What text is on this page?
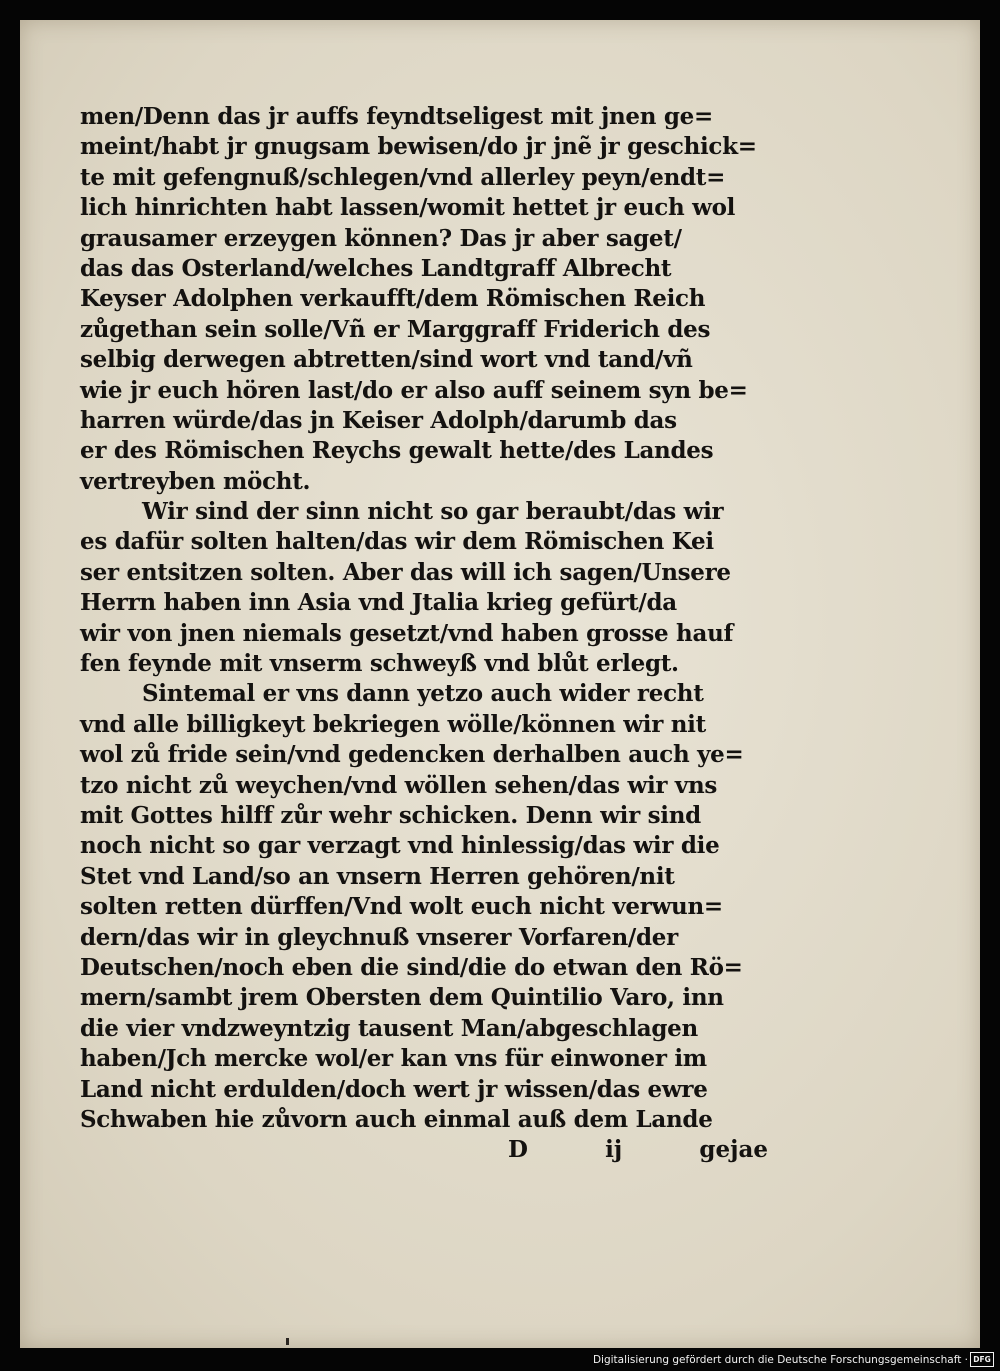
men/Denn das jr auffs feyndtseligest mit jnen ge=
meint/habt jr gnugsam bewisen/do jr jnẽ jr geschick=
te mit gefengnuß/schlegen/vnd allerley peyn/endt=
lich hinrichten habt lassen/womit hettet jr euch wol
grausamer erzeygen können? Das jr aber saget/
das das Osterland/welches Landtgraff Albrecht
Keyser Adolphen verkaufft/dem Römischen Reich
zůgethan sein solle/Vñ er Marggraff Friderich des
selbig derwegen abtretten/sind wort vnd tand/vñ
wie jr euch hören last/do er also auff seinem syn be=
harren würde/das jn Keiser Adolph/darumb das
er des Römischen Reychs gewalt hette/des Landes
vertreyben möcht.
Wir sind der sinn nicht so gar beraubt/das wir
es dafür solten halten/das wir dem Römischen Kei
ser entsitzen solten. Aber das will ich sagen/Unsere
Herrn haben inn Asia vnd Jtalia krieg gefürt/da
wir von jnen niemals gesetzt/vnd haben grosse hauf
fen feynde mit vnserm schweyß vnd blůt erlegt.
Sintemal er vns dann yetzo auch wider recht
vnd alle billigkeyt bekriegen wölle/können wir nit
wol zů fride sein/vnd gedencken derhalben auch ye=
tzo nicht zů weychen/vnd wöllen sehen/das wir vns
mit Gottes hilff zůr wehr schicken. Denn wir sind
noch nicht so gar verzagt vnd hinlessig/das wir die
Stet vnd Land/so an vnsern Herren gehören/nit
solten retten dürffen/Vnd wolt euch nicht verwun=
dern/das wir in gleychnuß vnserer Vorfaren/der
Deutschen/noch eben die sind/die do etwan den Rö=
mern/sambt jrem Obersten dem Quintilio Varo, inn
die vier vndzweyntzig tausent Man/abgeschlagen
haben/Jch mercke wol/er kan vns für einwoner im
Land nicht erdulden/doch wert jr wissen/das ewre
Schwaben hie zůvorn auch einmal auß dem Lande
D	ij	gejae
Digitalisierung gefördert durch die Deutsche Forschungsgemeinschaft · DFG
